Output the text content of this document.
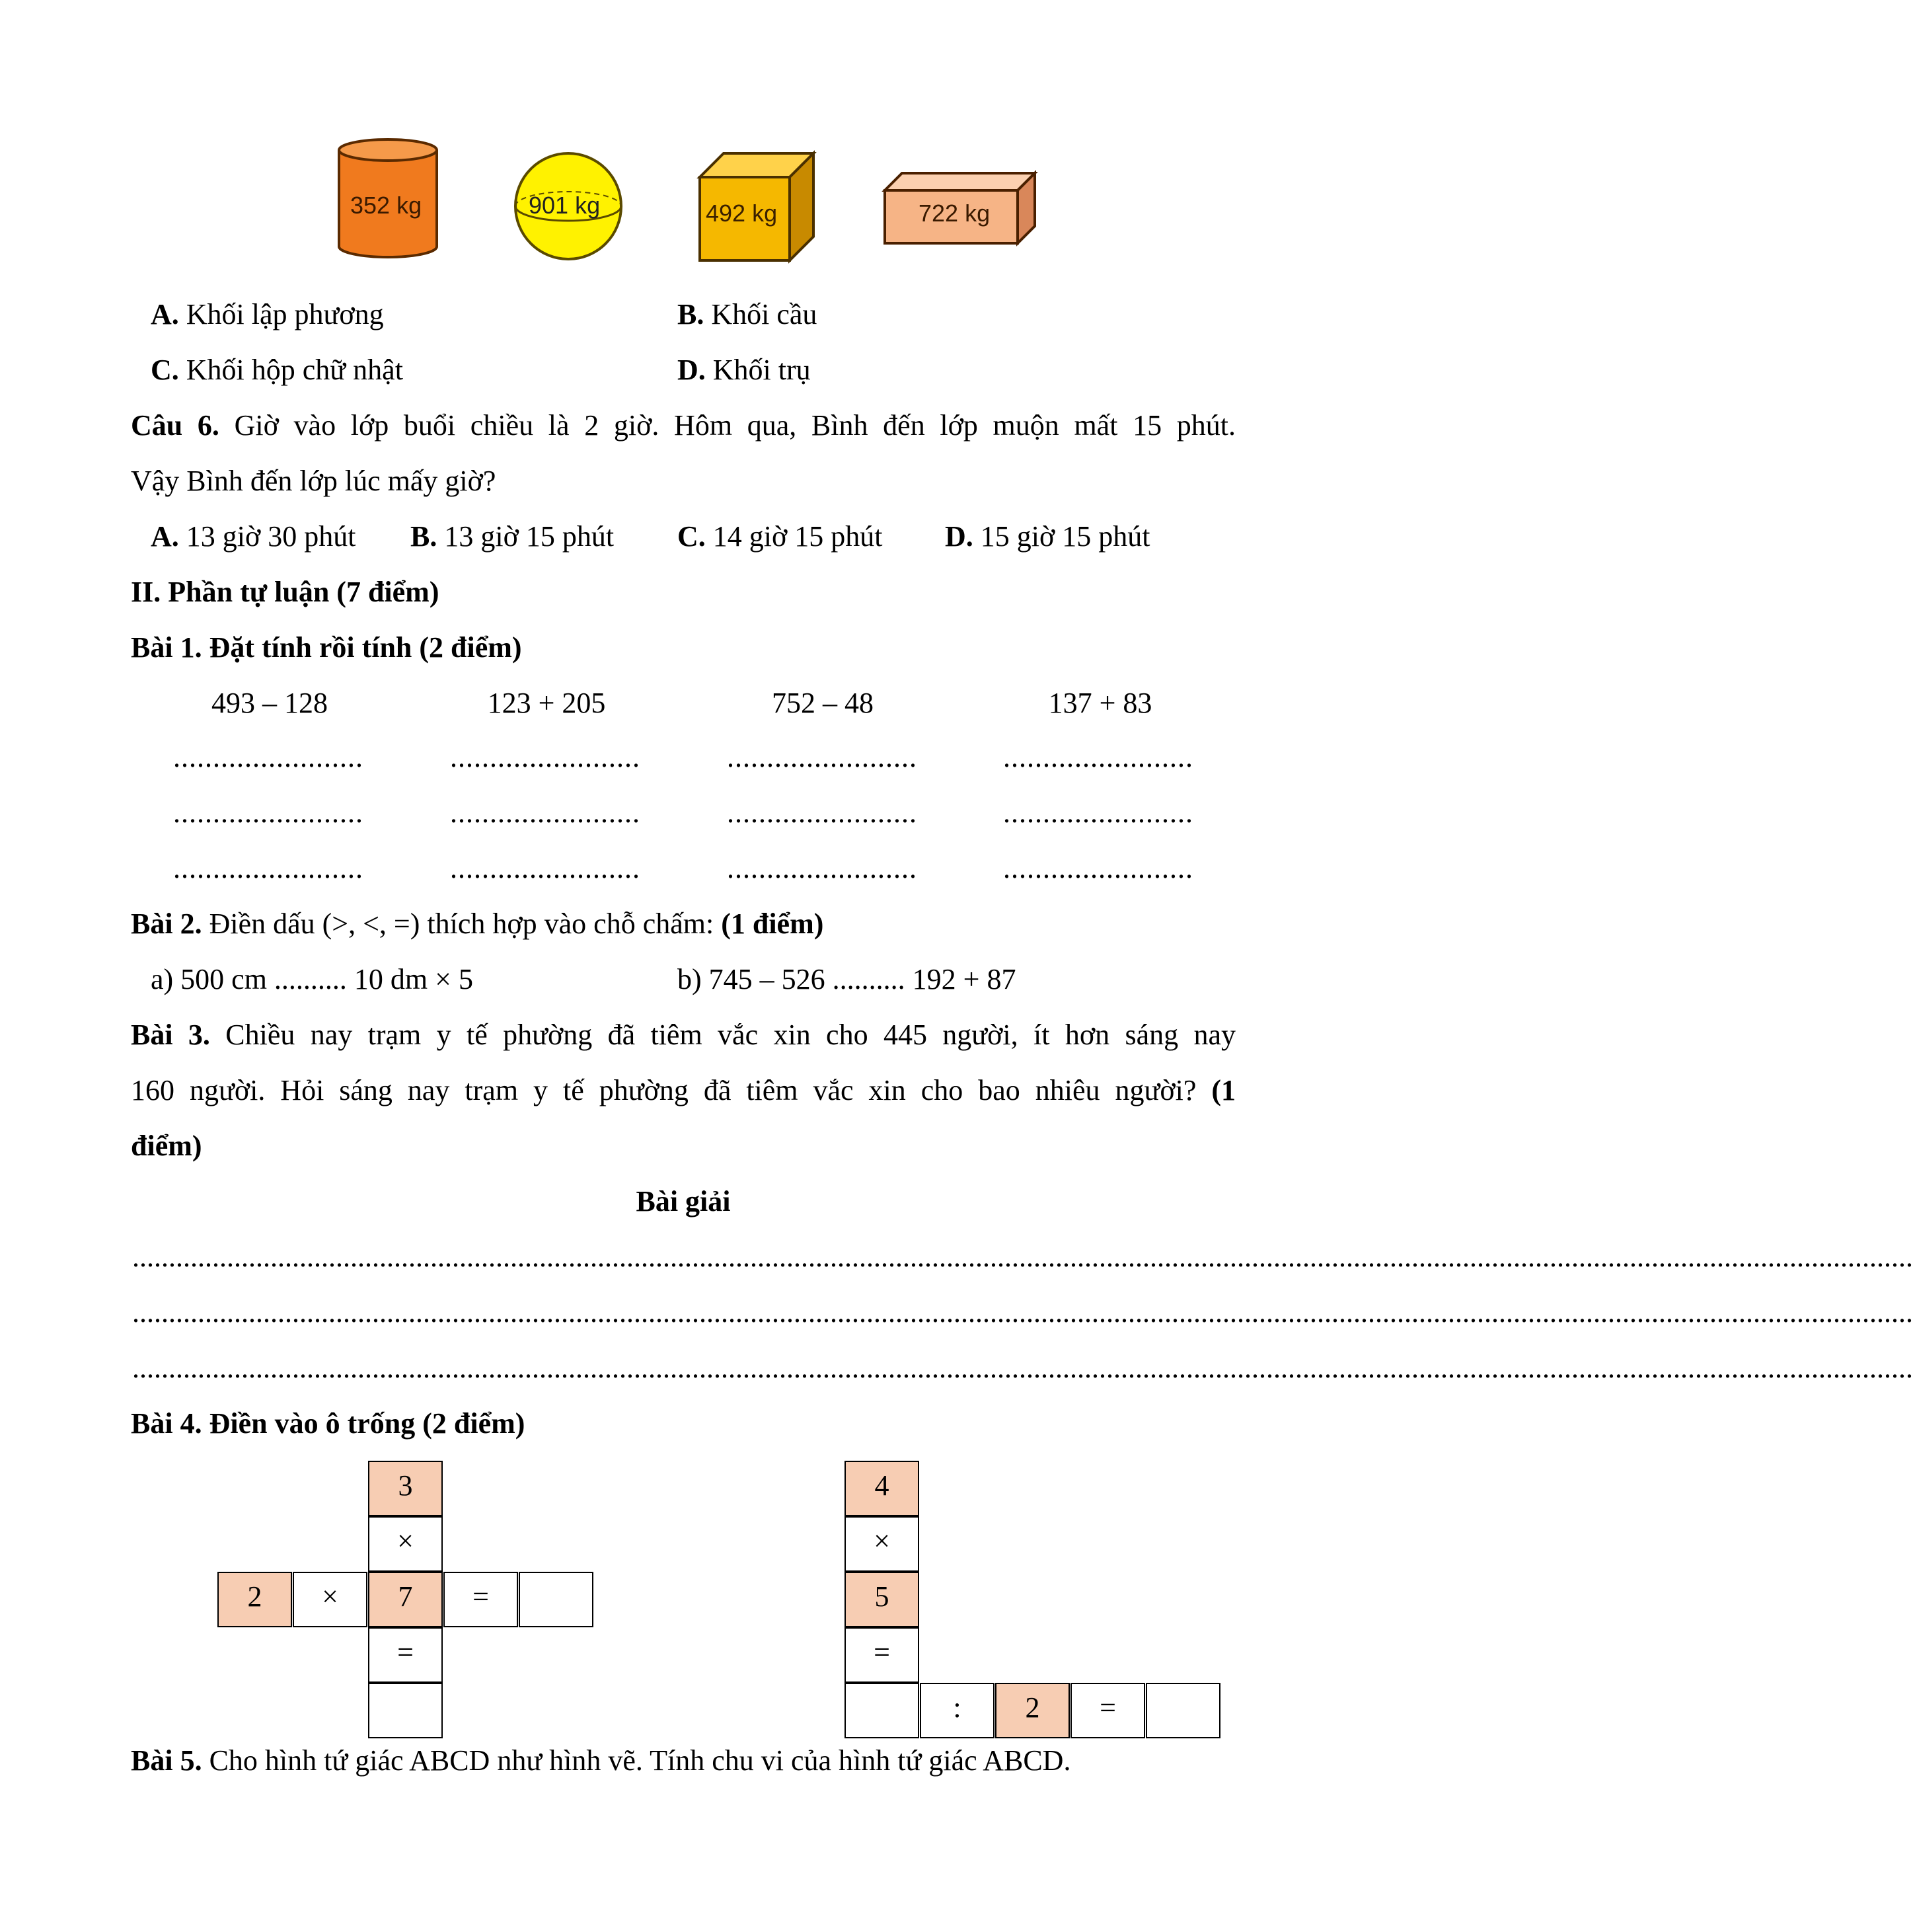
352 kg	901 kg	492 kg	722 kg
A. Khối lập phương	B. Khối cầu
C. Khối hộp chữ nhật	D. Khối trụ
Câu 6. Giờ vào lớp buổi chiều là 2 giờ. Hôm qua, Bình đến lớp muộn mất 15 phút.
Vậy Bình đến lớp lúc mấy giờ?
A. 13 giờ 30 phút B. 13 giờ 15 phút C. 14 giờ 15 phút D. 15 giờ 15 phút
II. Phần tự luận (7 điểm)
Bài 1. Đặt tính rồi tính (2 điểm)
493 – 128	123 + 205	752 – 48	137 + 83
........................	........................	........................	........................
........................	........................	........................	........................
........................	........................	........................	........................
Bài 2. Điền dấu (>, <, =) thích hợp vào chỗ chấm: (1 điểm)
a) 500 cm .......... 10 dm × 5	b) 745 – 526 .......... 192 + 87
Bài 3. Chiều nay trạm y tế phường đã tiêm vắc xin cho 445 người, ít hơn sáng nay
160 người. Hỏi sáng nay trạm y tế phường đã tiêm vắc xin cho bao nhiêu người? (1
điểm)
Bài giải
.....................................................................................................................................................................................................................................................
.....................................................................................................................................................................................................................................................
.....................................................................................................................................................................................................................................................
Bài 4. Điền vào ô trống (2 điểm)
3
×
2	×	7	=
=
4
×
5
=
:	2	=
Bài 5. Cho hình tứ giác ABCD như hình vẽ. Tính chu vi của hình tứ giác ABCD.
